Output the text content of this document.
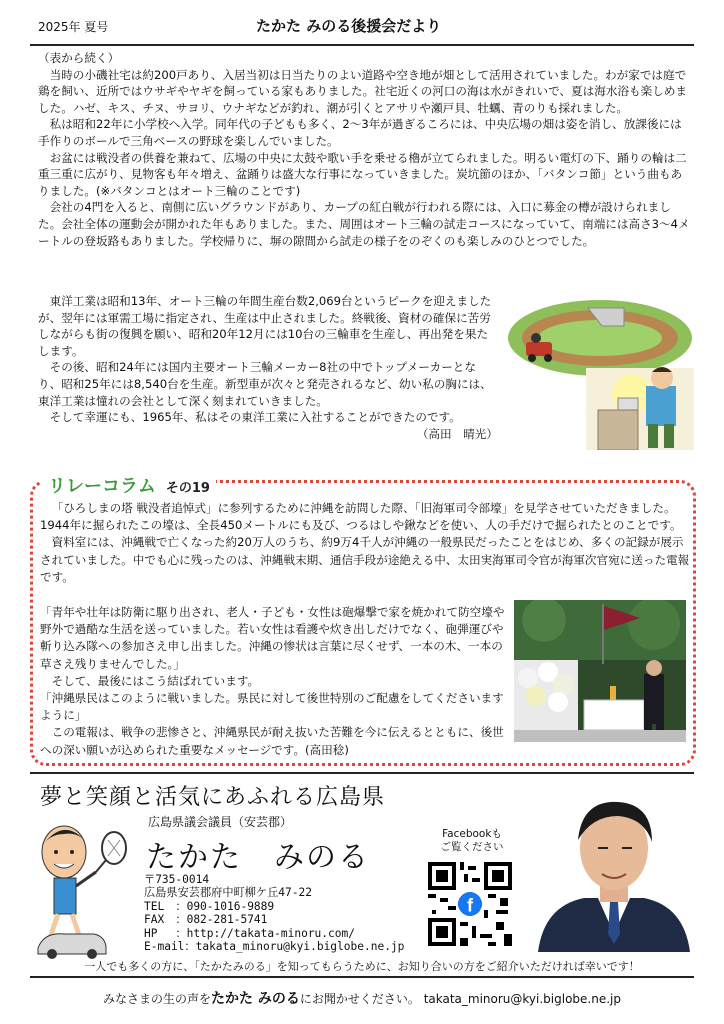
2025年 夏号	たかた みのる後援会だより

（表から続く）

当時の小磯社宅は約200戸あり、入居当初は日当たりのよい道路や空き地が畑として活用されていました。わが家では庭で鶏を飼い、近所ではウサギやヤギを飼っている家もありました。社宅近くの河口の海は水がきれいで、夏は海水浴も楽しめました。ハゼ、キス、チヌ、サヨリ、ウナギなどが釣れ、潮が引くとアサリや瀬戸貝、牡蠣、青のりも採れました。

私は昭和22年に小学校へ入学。同年代の子どもも多く、2～3年が過ぎるころには、中央広場の畑は姿を消し、放課後には手作りのボールで三角ベースの野球を楽しんでいました。

お盆には戦没者の供養を兼ねて、広場の中央に太鼓や歌い手を乗せる櫓が立てられました。明るい電灯の下、踊りの輪は二重三重に広がり、見物客も年々増え、盆踊りは盛大な行事になっていきました。炭坑節のほか、「バタンコ節」という曲もありました。(※バタンコとはオート三輪のことです)

会社の4門を入ると、南側に広いグラウンドがあり、カープの紅白戦が行われる際には、入口に募金の樽が設けられました。会社全体の運動会が開かれた年もありました。また、周囲はオート三輪の試走コースになっていて、南端には高さ3～4メートルの登坂路もありました。学校帰りに、塀の隙間から試走の様子をのぞくのも楽しみのひとつでした。

東洋工業は昭和13年、オート三輪の年間生産台数2,069台というピークを迎えましたが、翌年には軍需工場に指定され、生産は中止されました。終戦後、資材の確保に苦労しながらも街の復興を願い、昭和20年12月には10台の三輪車を生産し、再出発を果たします。

その後、昭和24年には国内主要オート三輪メーカー8社の中でトップメーカーとなり、昭和25年には8,540台を生産。新型車が次々と発売されるなど、幼い私の胸には、東洋工業は憧れの会社として深く刻まれていきました。

そして幸運にも、1965年、私はその東洋工業に入社することができたのです。

（高田　晴光）
リレーコラム その19

「ひろしまの塔 戦没者追悼式」に参列するために沖縄を訪問した際、「旧海軍司令部壕」を見学させていただきました。1944年に掘られたこの壕は、全長450メートルにも及び、つるはしや鍬などを使い、人の手だけで掘られたとのことです。

資料室には、沖縄戦で亡くなった約20万人のうち、約9万4千人が沖縄の一般県民だったことをはじめ、多くの記録が展示されていました。中でも心に残ったのは、沖縄戦末期、通信手段が途絶える中、太田実海軍司令官が海軍次官宛に送った電報です。

「青年や壮年は防衛に駆り出され、老人・子ども・女性は砲爆撃で家を焼かれて防空壕や野外で過酷な生活を送っていました。若い女性は看護や炊き出しだけでなく、砲弾運びや斬り込み隊への参加さえ申し出ました。沖縄の惨状は言葉に尽くせず、一本の木、一本の草さえ残りませんでした。」

そして、最後にはこう結ばれています。

「沖縄県民はこのように戦いました。県民に対して後世特別のご配慮をしてくださいますように」

この電報は、戦争の悲惨さと、沖縄県民が耐え抜いた苦難を今に伝えるとともに、後世への深い願いが込められた重要なメッセージです。(高田稔)

夢と笑顔と活気にあふれる広島県
広島県議会議員（安芸郡）
たかた　みのる
〒735-0014
広島県安芸郡府中町柳ケ丘47-22
TEL　：090-1016-9889
FAX　：082-281-5741
HP　 ：http://takata-minoru.com/
E-mail：takata_minoru@kyi.biglobe.ne.jp
Facebookも
ご覧ください
f
一人でも多くの方に、「たかたみのる」を知ってもらうために、お知り合いの方をご紹介いただければ幸いです！
みなさまの生の声をたかた みのるにお聞かせください。 takata_minoru@kyi.biglobe.ne.jp
